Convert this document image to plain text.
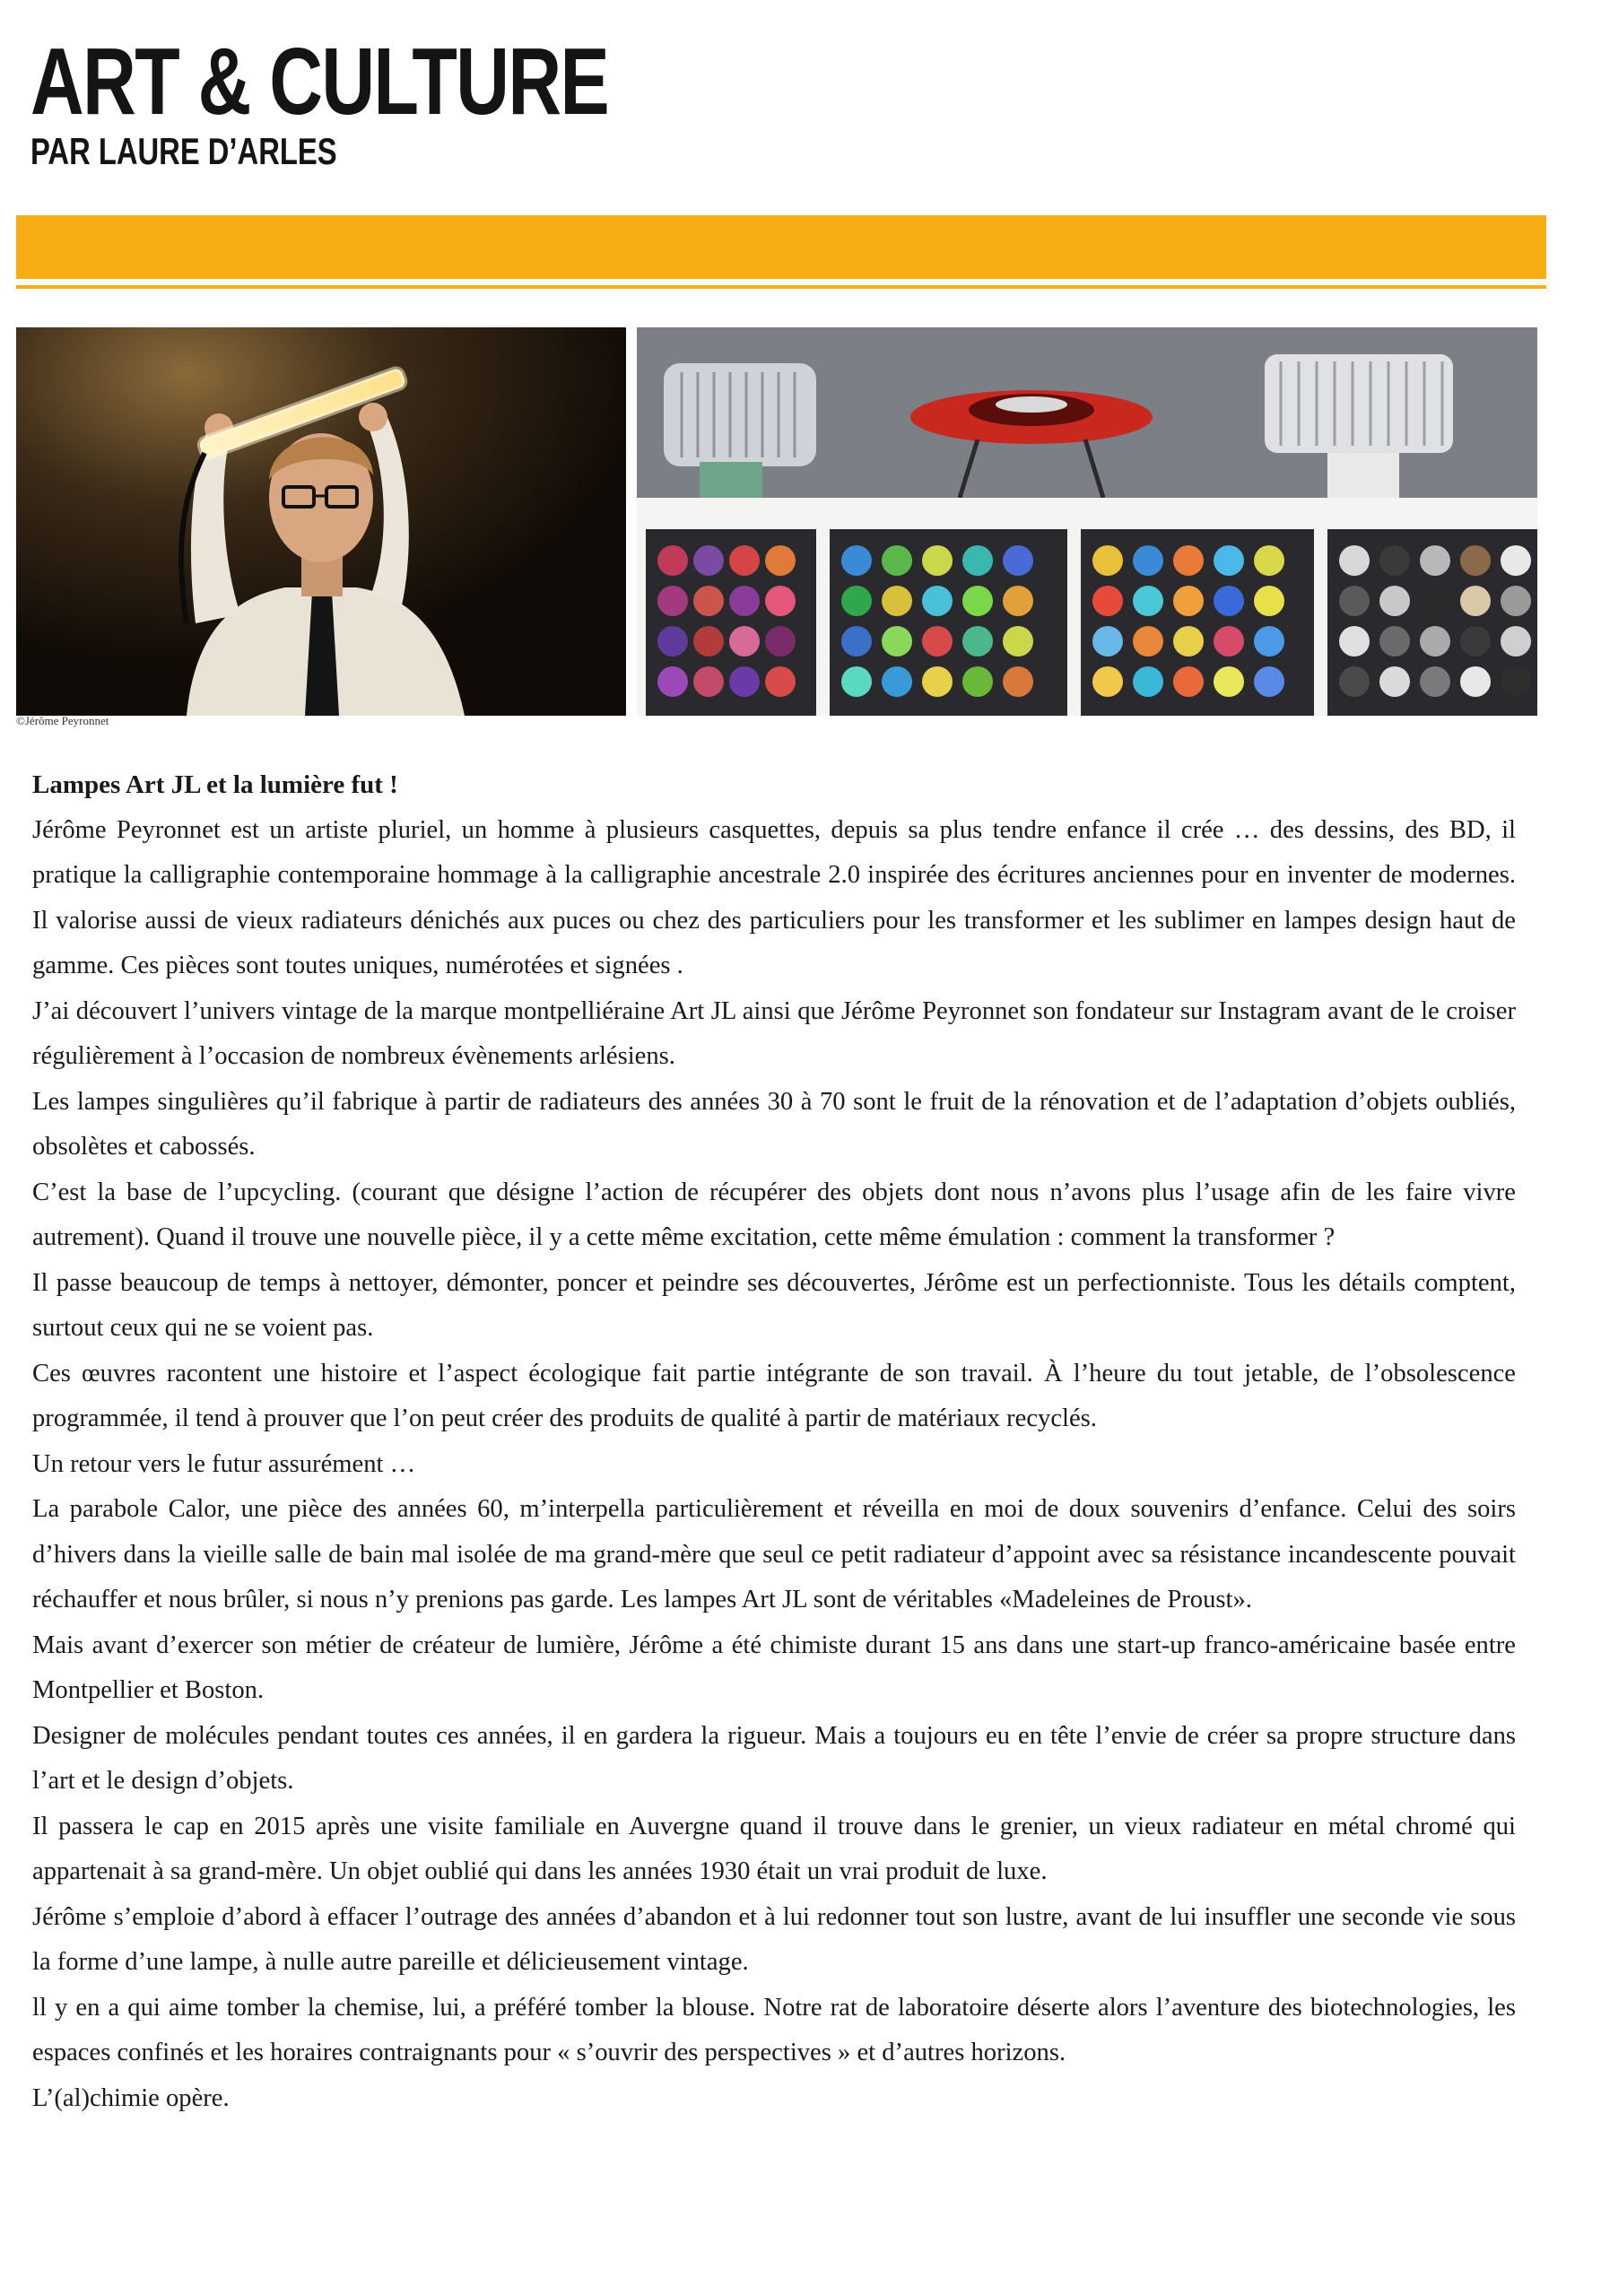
ART & CULTURE
PAR LAURE D’ARLES
©Jérôme Peyronnet
Lampes Art JL et la lumière fut !

Jérôme Peyronnet est un artiste pluriel, un homme à plusieurs casquettes, depuis sa plus tendre enfance il crée … des dessins, des BD, il pratique la calligraphie contemporaine hommage à la calligraphie ancestrale 2.0 inspirée des écritures anciennes pour en inventer de modernes. Il valorise aussi de vieux radiateurs dénichés aux puces ou chez des particuliers pour les transformer et les sublimer en lampes design haut de gamme. Ces pièces sont toutes uniques, numérotées et signées .

J’ai découvert l’univers vintage de la marque montpelliéraine Art JL ainsi que Jérôme Peyronnet son fondateur sur Instagram avant de le croiser régulièrement à l’occasion de nombreux évènements arlésiens.

Les lampes singulières qu’il fabrique à partir de radiateurs des années 30 à 70 sont le fruit de la rénovation et de l’adaptation d’objets oubliés, obsolètes et cabossés.

C’est la base de l’upcycling. (courant que désigne l’action de récupérer des objets dont nous n’avons plus l’usage afin de les faire vivre autrement). Quand il trouve une nouvelle pièce, il y a cette même excitation, cette même émulation : comment la transformer ?

Il passe beaucoup de temps à nettoyer, démonter, poncer et peindre ses découvertes, Jérôme est un perfectionniste. Tous les détails comptent, surtout ceux qui ne se voient pas.

Ces œuvres racontent une histoire et l’aspect écologique fait partie intégrante de son travail. À l’heure du tout jetable, de l’obsolescence programmée, il tend à prouver que l’on peut créer des produits de qualité à partir de matériaux recyclés.

Un retour vers le futur assurément …

La parabole Calor, une pièce des années 60, m’interpella particulièrement et réveilla en moi de doux souvenirs d’enfance. Celui des soirs d’hivers dans la vieille salle de bain mal isolée de ma grand-mère que seul ce petit radiateur d’appoint avec sa résistance incandescente pouvait réchauffer et nous brûler, si nous n’y prenions pas garde. Les lampes Art JL sont de véritables «Madeleines de Proust».

Mais avant d’exercer son métier de créateur de lumière, Jérôme a été chimiste durant 15 ans dans une start-up franco-américaine basée entre Montpellier et Boston.

Designer de molécules pendant toutes ces années, il en gardera la rigueur. Mais a toujours eu en tête l’envie de créer sa propre structure dans l’art et le design d’objets.

Il passera le cap en 2015 après une visite familiale en Auvergne quand il trouve dans le grenier, un vieux radiateur en métal chromé qui appartenait à sa grand-mère. Un objet oublié qui dans les années 1930 était un vrai produit de luxe.

Jérôme s’emploie d’abord à effacer l’outrage des années d’abandon et à lui redonner tout son lustre, avant de lui insuffler une seconde vie sous la forme d’une lampe, à nulle autre pareille et délicieusement vintage.

ll y en a qui aime tomber la chemise, lui, a préféré tomber la blouse. Notre rat de laboratoire déserte alors l’aventure des biotechnologies, les espaces confinés et les horaires contraignants pour « s’ouvrir des perspectives » et d’autres horizons.

L’(al)chimie opère.
